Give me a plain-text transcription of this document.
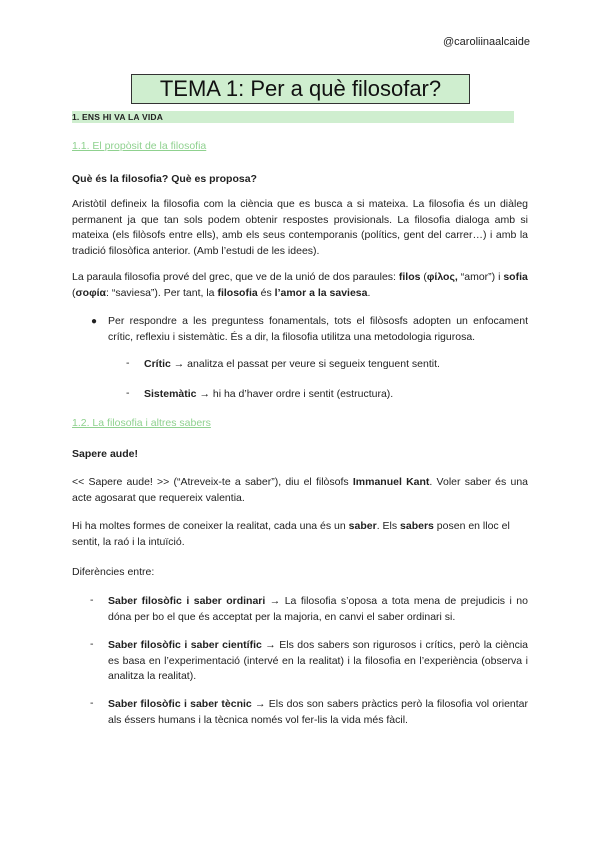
@caroliinaalcaide
TEMA 1: Per a què filosofar?
1. ENS HI VA LA VIDA
1.1. El propòsit de la filosofia
Què és la filosofia? Què es proposa?
Aristòtil defineix la filosofia com la ciència que es busca a si mateixa. La filosofia és un diàleg permanent ja que tan sols podem obtenir respostes provisionals. La filosofia dialoga amb si mateixa (els filòsofs entre ells), amb els seus contemporanis (polítics, gent del carrer…) i amb la tradició filosòfica anterior. (Amb l’estudi de les idees).
La paraula filosofia prové del grec, que ve de la unió de dos paraules: filos (φίλος, “amor”) i sofia (σοφία: “saviesa”). Per tant, la filosofia és l’amor a la saviesa.
● Per respondre a les preguntess fonamentals, tots el filòsosfs adopten un enfocament crític, reflexiu i sistemàtic. És a dir, la filosofia utilitza una metodologia rigurosa.
- Crític → analitza el passat per veure si segueix tenguent sentit.
- Sistemàtic → hi ha d’haver ordre i sentit (estructura).
1.2. La filosofia i altres sabers
Sapere aude!
<< Sapere aude! >> (“Atreveix-te a saber”), diu el filòsofs Immanuel Kant. Voler saber és una acte agosarat que requereix valentia.
Hi ha moltes formes de coneixer la realitat, cada una és un saber. Els sabers posen en lloc el sentit, la raó i la intuïció.
Diferències entre:
- Saber filosòfic i saber ordinari → La filosofia s’oposa a tota mena de prejudicis i no dóna per bo el que és acceptat per la majoria, en canvi el saber ordinari si.
- Saber filosòfic i saber científic → Els dos sabers son rigurosos i crítics, però la ciència es basa en l’experimentació (intervé en la realitat) i la filosofia en l’experiència (observa i analitza la realitat).
- Saber filosòfic i saber tècnic → Els dos son sabers pràctics però la filosofia vol orientar als éssers humans i la tècnica només vol fer-lis la vida més fàcil.
